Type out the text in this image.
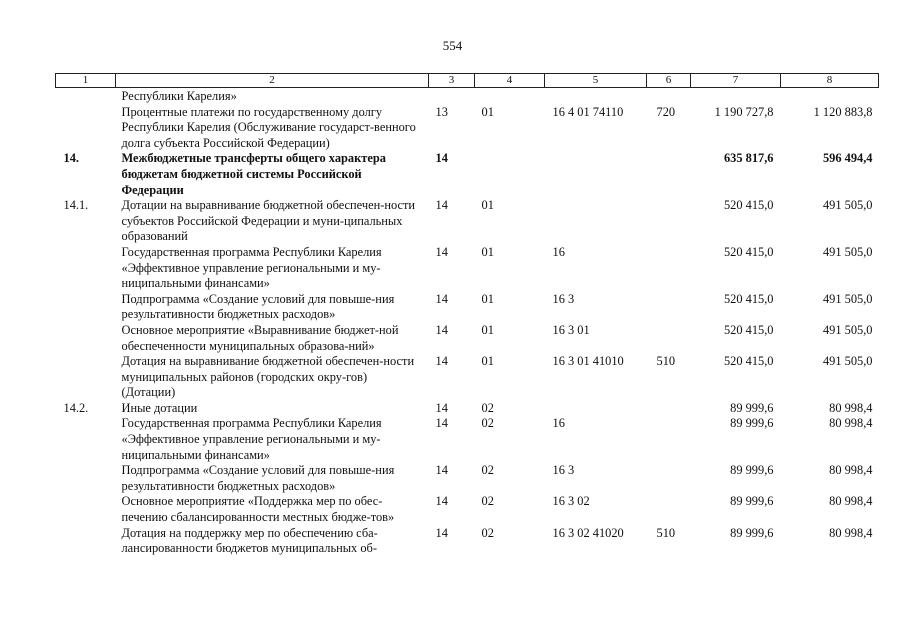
554
1	2	3	4	5	6	7	8
	Республики Карелия»						
	Процентные платежи по государственному долгу Республики Карелия (Обслуживание государст-венного долга субъекта Российской Федерации)	13	01	16 4 01 74110	720	1 190 727,8	1 120 883,8
14.	Межбюджетные трансферты общего характера бюджетам бюджетной системы Российской Федерации	14				635 817,6	596 494,4
14.1.	Дотации на выравнивание бюджетной обеспечен-ности субъектов Российской Федерации и муни-ципальных образований	14	01			520 415,0	491 505,0
	Государственная программа Республики Карелия «Эффективное управление региональными и му-ниципальными финансами»	14	01	16		520 415,0	491 505,0
	Подпрограмма «Создание условий для повыше-ния результативности бюджетных расходов»	14	01	16 3		520 415,0	491 505,0
	Основное мероприятие «Выравнивание бюджет-ной обеспеченности муниципальных образова-ний»	14	01	16 3 01		520 415,0	491 505,0
	Дотация на выравнивание бюджетной обеспечен-ности муниципальных районов (городских окру-гов) (Дотации)	14	01	16 3 01 41010	510	520 415,0	491 505,0
14.2.	Иные дотации	14	02			89 999,6	80 998,4
	Государственная программа Республики Карелия «Эффективное управление региональными и му-ниципальными финансами»	14	02	16		89 999,6	80 998,4
	Подпрограмма «Создание условий для повыше-ния результативности бюджетных расходов»	14	02	16 3		89 999,6	80 998,4
	Основное мероприятие «Поддержка мер по обес-печению сбалансированности местных бюдже-тов»	14	02	16 3 02		89 999,6	80 998,4
	Дотация на поддержку мер по обеспечению сба-лансированности бюджетов муниципальных об-	14	02	16 3 02 41020	510	89 999,6	80 998,4
